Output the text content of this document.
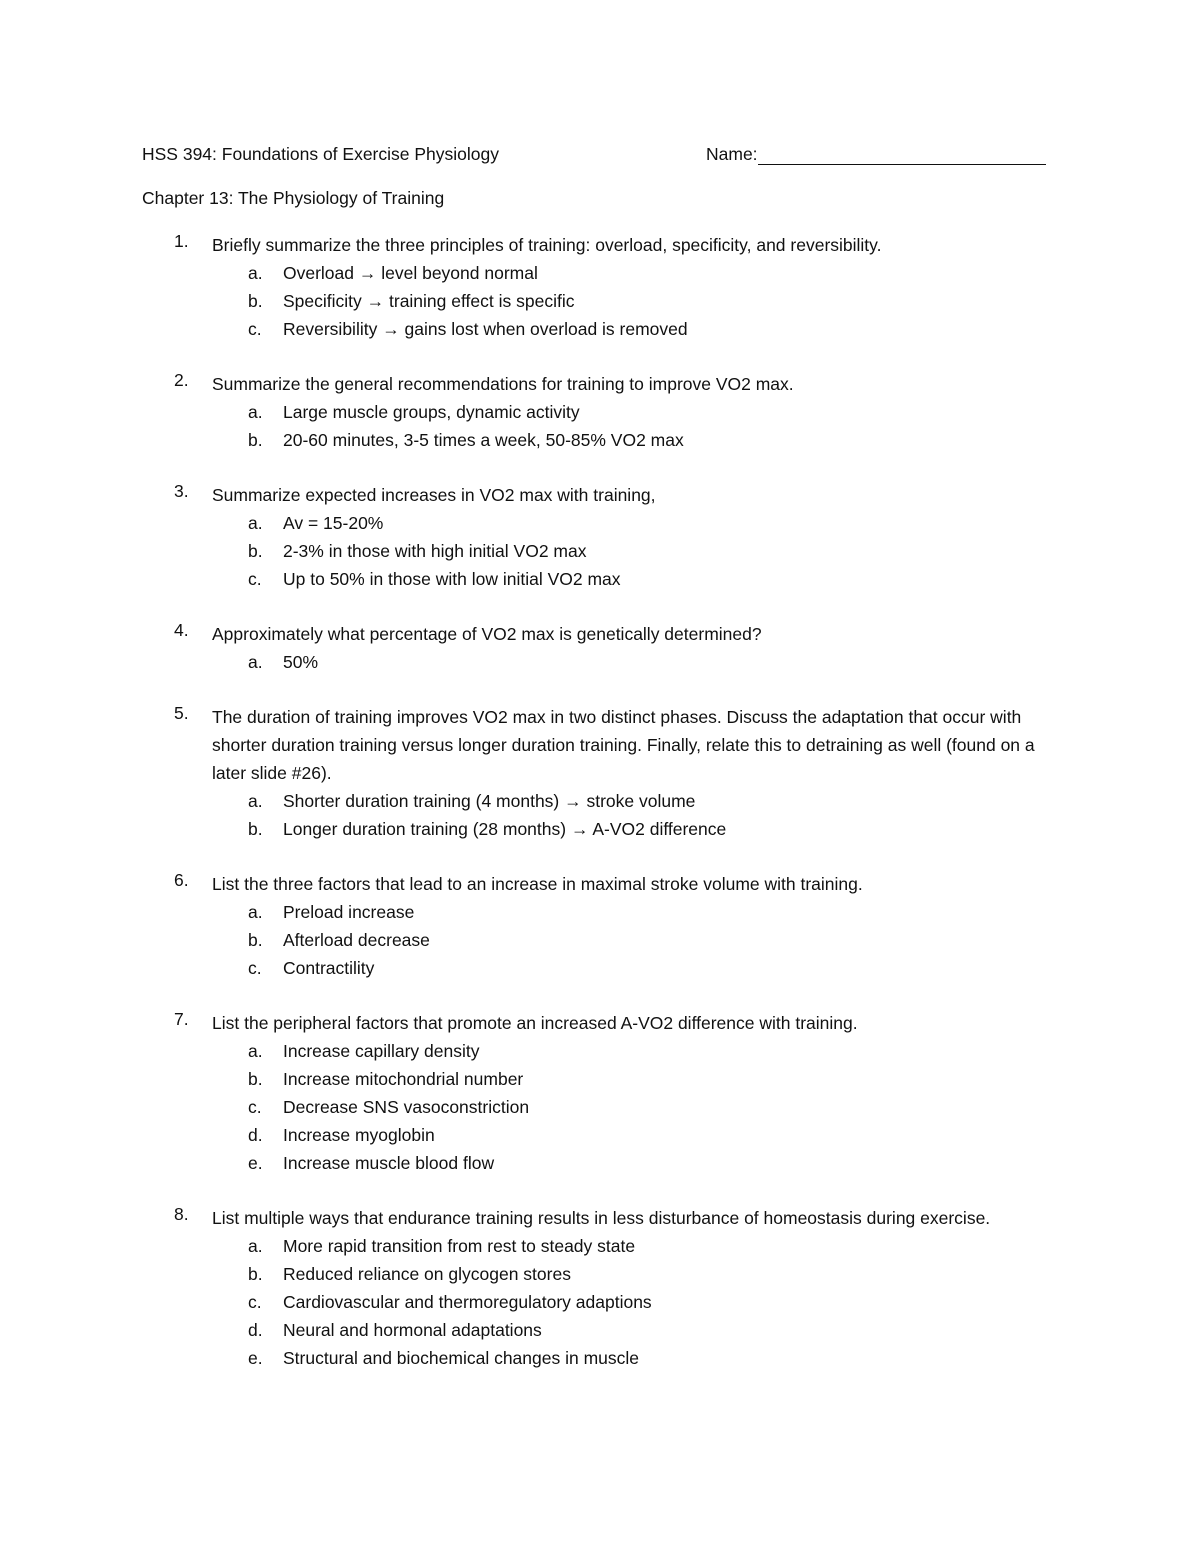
HSS 394: Foundations of Exercise Physiology	Name:
Chapter 13: The Physiology of Training
1. Briefly summarize the three principles of training: overload, specificity, and reversibility.
a. Overload → level beyond normal
b. Specificity → training effect is specific
c. Reversibility → gains lost when overload is removed
2. Summarize the general recommendations for training to improve VO2 max.
a. Large muscle groups, dynamic activity
b. 20-60 minutes, 3-5 times a week, 50-85% VO2 max
3. Summarize expected increases in VO2 max with training,
a. Av = 15-20%
b. 2-3% in those with high initial VO2 max
c. Up to 50% in those with low initial VO2 max
4. Approximately what percentage of VO2 max is genetically determined?
a. 50%
5. The duration of training improves VO2 max in two distinct phases. Discuss the adaptation that occur with shorter duration training versus longer duration training. Finally, relate this to detraining as well (found on a later slide #26).
a. Shorter duration training (4 months) → stroke volume
b. Longer duration training (28 months) → A-VO2 difference
6. List the three factors that lead to an increase in maximal stroke volume with training.
a. Preload increase
b. Afterload decrease
c. Contractility
7. List the peripheral factors that promote an increased A-VO2 difference with training.
a. Increase capillary density
b. Increase mitochondrial number
c. Decrease SNS vasoconstriction
d. Increase myoglobin
e. Increase muscle blood flow
8. List multiple ways that endurance training results in less disturbance of homeostasis during exercise.
a. More rapid transition from rest to steady state
b. Reduced reliance on glycogen stores
c. Cardiovascular and thermoregulatory adaptions
d. Neural and hormonal adaptations
e. Structural and biochemical changes in muscle
